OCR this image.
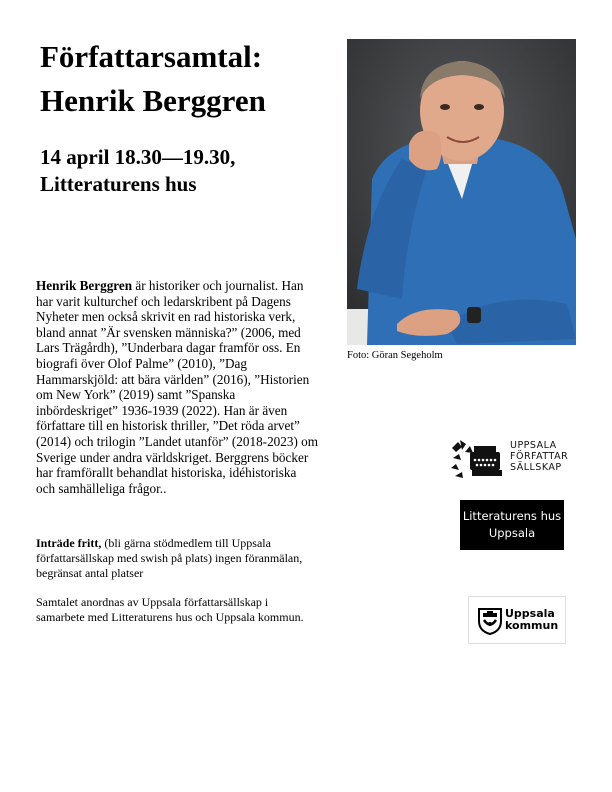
Författarsamtal:
Henrik Berggren
14 april 18.30—19.30,
Litteraturens hus

Henrik Berggren är historiker och journalist. Han har varit kulturchef och ledarskribent på Dagens Nyheter men också skrivit en rad historiska verk, bland annat ”Är svensken människa?” (2006, med Lars Trägårdh), ”Underbara dagar framför oss. En biografi över Olof Palme” (2010), ”Dag Hammarskjöld: att bära världen” (2016), ”Historien om New York” (2019) samt ”Spanska inbördeskriget” 1936-1939 (2022). Han är även författare till en historisk thriller, ”Det röda arvet” (2014) och trilogin ”Landet utanför” (2018-2023) om Sverige under andra världskriget. Berggrens böcker har framförallt behandlat historiska, idéhistoriska och samhälleliga frågor..

Inträde fritt, (bli gärna stödmedlem till Uppsala författarsällskap med swish på plats) ingen föranmälan, begränsat antal platser

Samtalet anordnas av Uppsala författarsällskap i samarbete med Litteraturens hus och Uppsala kommun.

Foto: Göran Segeholm

UPPSALA
FÖRFATTAR
SÄLLSKAP
Litteraturens hus
Uppsala
Uppsala
kommun
